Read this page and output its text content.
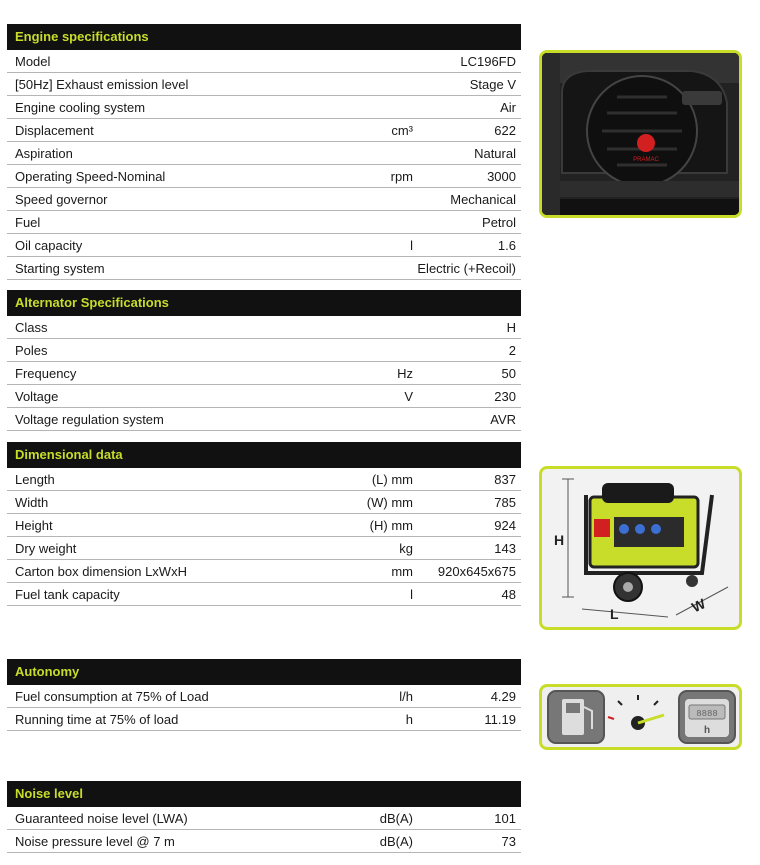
Engine specifications
Model	LC196FD
[50Hz] Exhaust emission level	Stage V
Engine cooling system	Air
Displacement	cm³	622
Aspiration	Natural
Operating Speed-Nominal	rpm	3000
Speed governor	Mechanical
Fuel	Petrol
Oil capacity	l	1.6
Starting system	Electric (+Recoil)
Alternator Specifications
Class	H
Poles	2
Frequency	Hz	50
Voltage	V	230
Voltage regulation system	AVR
Dimensional data
Length	(L) mm	837
Width	(W) mm	785
Height	(H) mm	924
Dry weight	kg	143
Carton box dimension LxWxH	mm 920x645x675
Fuel tank capacity	l	48
Autonomy
Fuel consumption at 75% of Load	l/h	4.29
Running time at 75% of load	h	11.19
Noise level
Guaranteed noise level (LWA)	dB(A)	101
Noise pressure level @ 7 m	dB(A)	73
PRAMAC
H
L	W
8888
h
